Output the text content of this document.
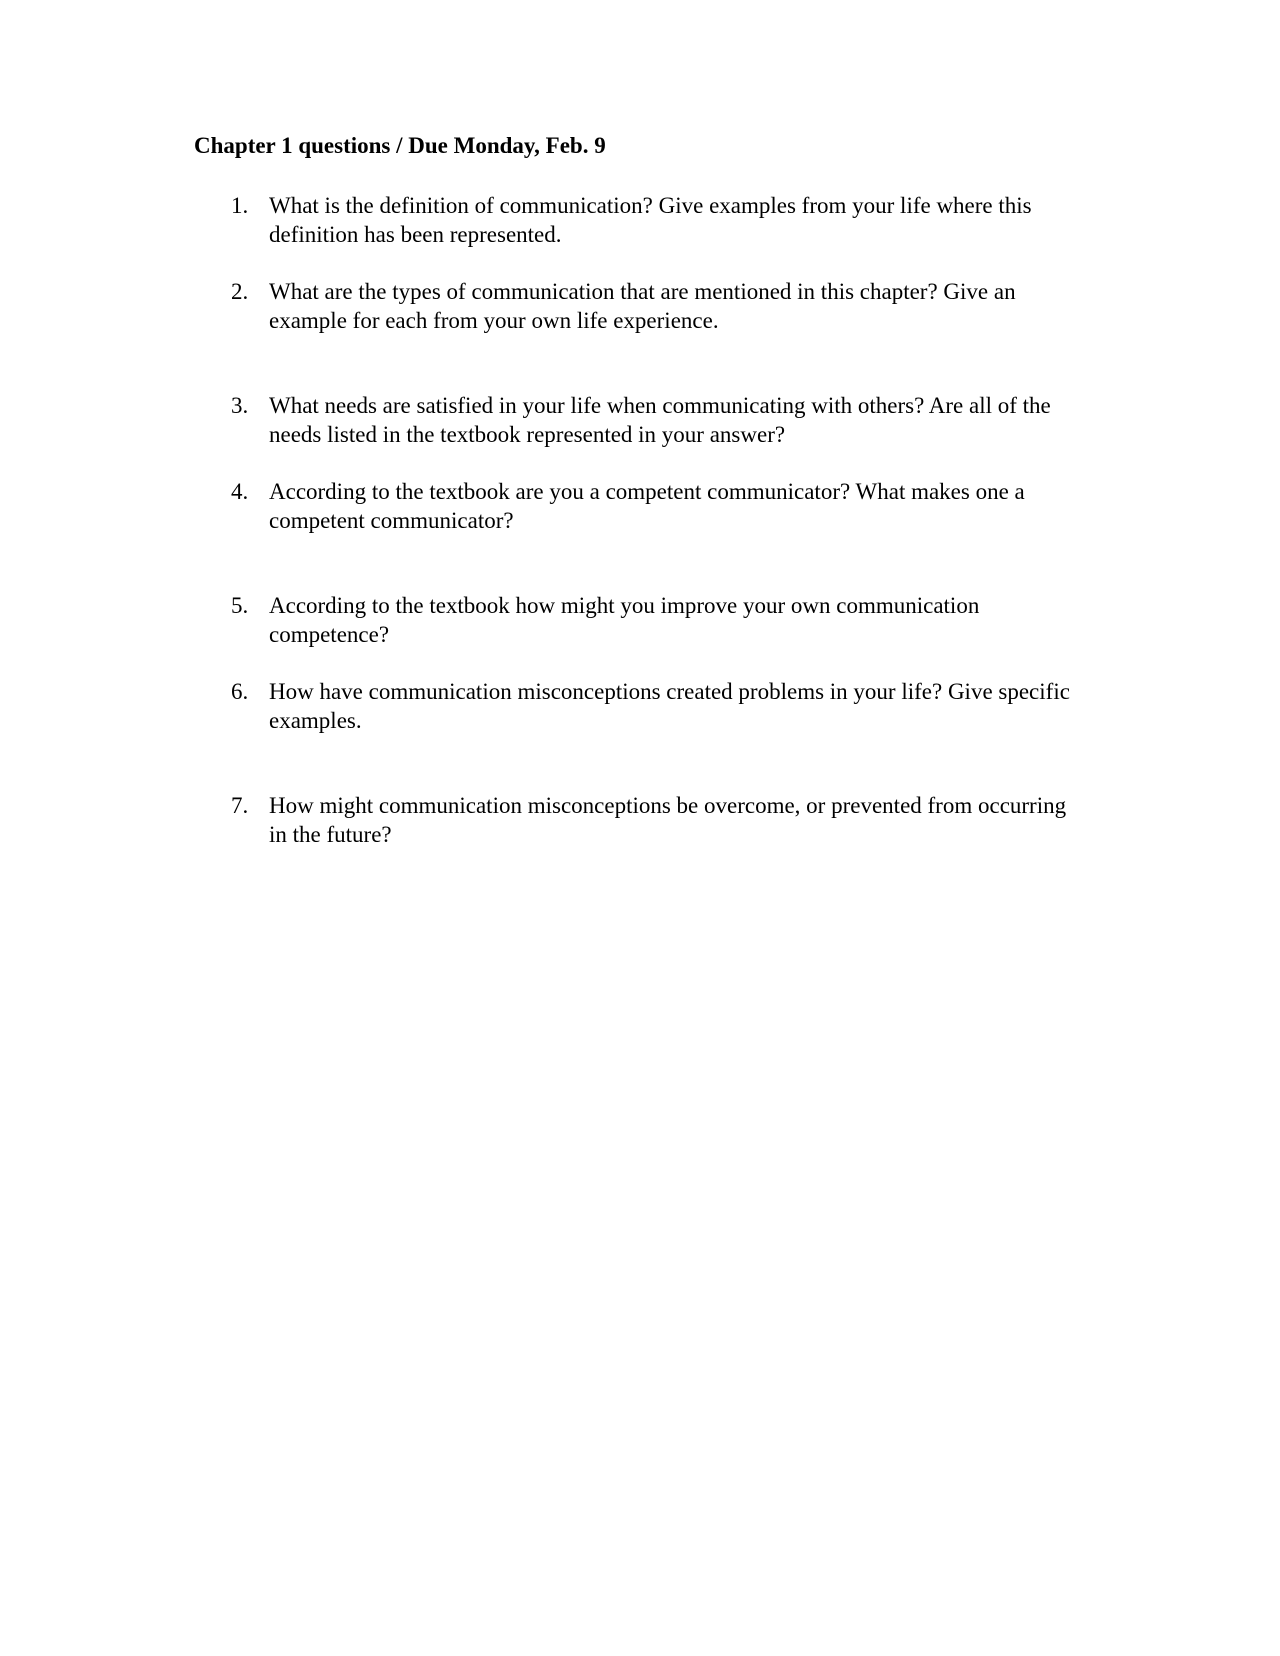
Chapter 1 questions / Due Monday, Feb. 9
1. What is the definition of communication? Give examples from your life where this definition has been represented.
2. What are the types of communication that are mentioned in this chapter? Give an example for each from your own life experience.
3. What needs are satisfied in your life when communicating with others? Are all of the needs listed in the textbook represented in your answer?
4. According to the textbook are you a competent communicator? What makes one a competent communicator?
5. According to the textbook how might you improve your own communication competence?
6. How have communication misconceptions created problems in your life? Give specific examples.
7. How might communication misconceptions be overcome, or prevented from occurring in the future?
